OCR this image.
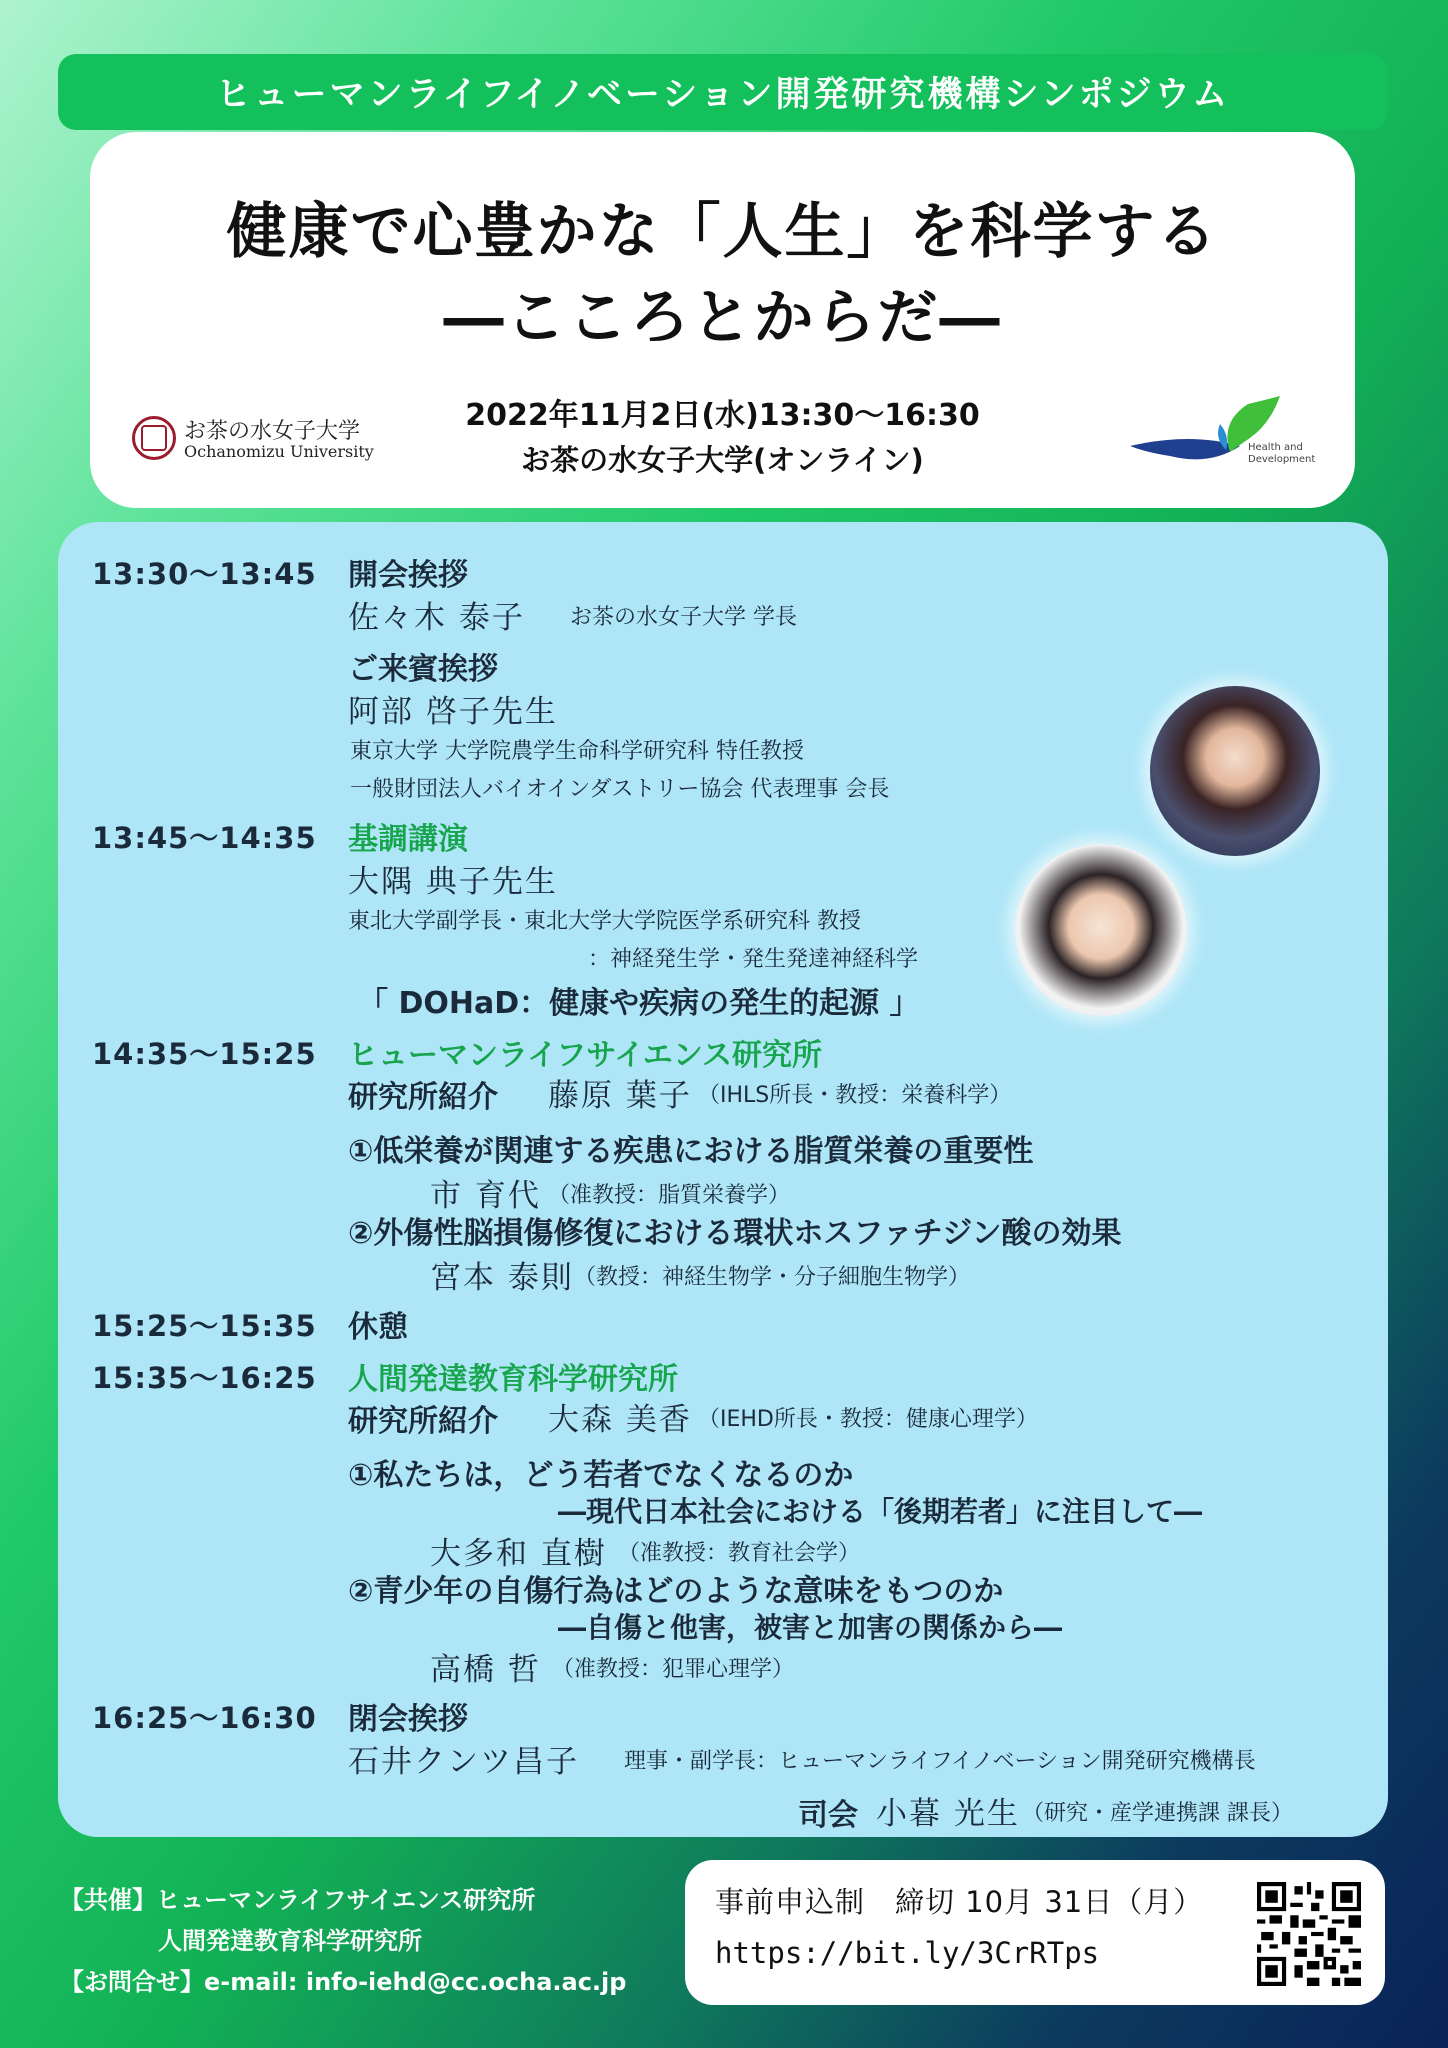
ヒューマンライフイノベーション開発研究機構シンポジウム
健康で心豊かな「人生」を科学する
―こころとからだ―
2022年11月2日(水)13:30～16:30
お茶の水女子大学(オンライン)
お茶の水女子大学
Ochanomizu University	Health and
Development
13:30～13:45 開会挨拶
佐々木 泰子 お茶の水女子大学 学長
ご来賓挨拶
阿部 啓子先生
東京大学 大学院農学生命科学研究科 特任教授
一般財団法人バイオインダストリー協会 代表理事 会長
13:45～14:35 基調講演
大隅 典子先生
東北大学副学長・東北大学大学院医学系研究科 教授
：神経発生学・発生発達神経科学
「 DOHaD：健康や疾病の発生的起源 」
14:35～15:25 ヒューマンライフサイエンス研究所
研究所紹介 藤原 葉子 （IHLS所長・教授：栄養科学）
①低栄養が関連する疾患における脂質栄養の重要性
市 育代 （准教授：脂質栄養学）
②外傷性脳損傷修復における環状ホスファチジン酸の効果
宮本 泰則 （教授：神経生物学・分子細胞生物学）
15:25～15:35 休憩
15:35～16:25 人間発達教育科学研究所
研究所紹介 大森 美香 （IEHD所長・教授：健康心理学）
①私たちは，どう若者でなくなるのか
―現代日本社会における「後期若者」に注目して―
大多和 直樹 （准教授：教育社会学）
②青少年の自傷行為はどのような意味をもつのか
―自傷と他害，被害と加害の関係から―
高橋 哲 （准教授：犯罪心理学）
16:25～16:30 閉会挨拶
石井クンツ昌子 理事・副学長：ヒューマンライフイノベーション開発研究機構長
司会 小暮 光生 （研究・産学連携課 課長）
【共催】ヒューマンライフサイエンス研究所
人間発達教育科学研究所
【お問合せ】e-mail: info-iehd@cc.ocha.ac.jp
事前申込制　締切 10月 31日（月）
https://bit.ly/3CrRTps
